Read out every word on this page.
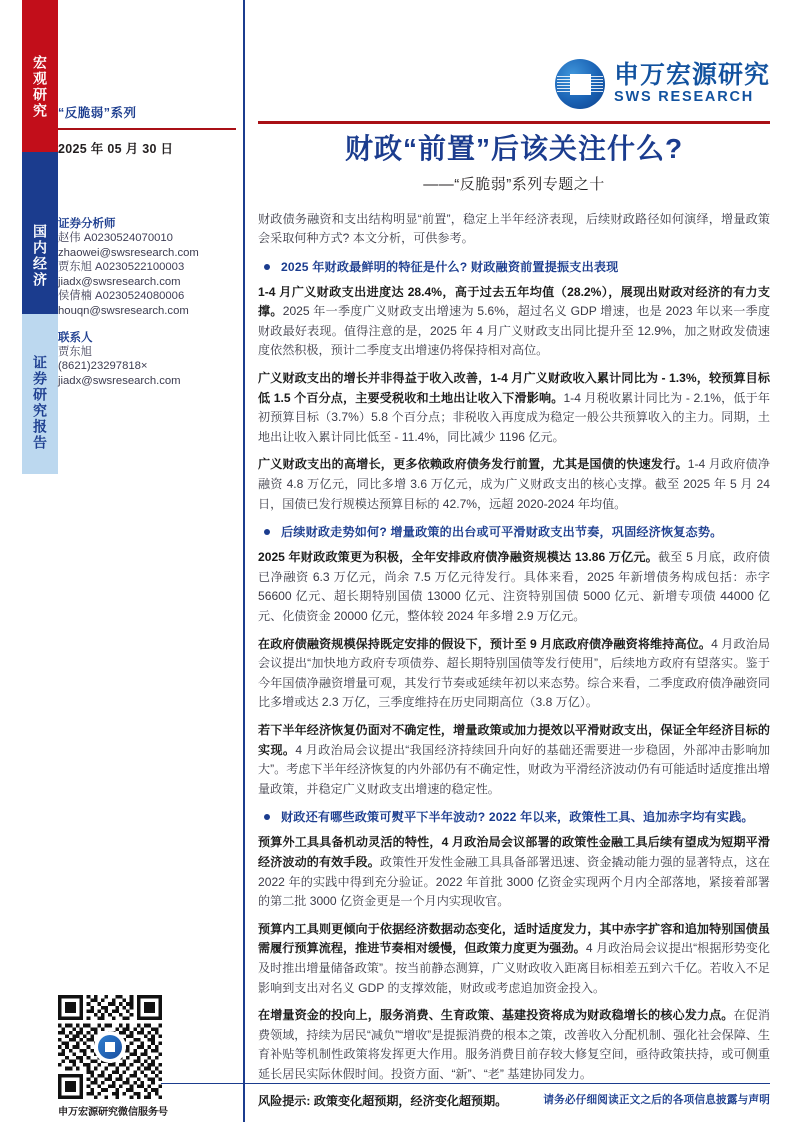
宏观研究
国内经济
证券研究报告
“反脆弱”系列
2025 年 05 月 30 日
证券分析师
赵伟 A0230524070010
zhaowei@swsresearch.com
贾东旭 A0230522100003
jiadx@swsresearch.com
侯倩楠 A0230524080006
houqn@swsresearch.com
联系人
贾东旭
(8621)23297818×
jiadx@swsresearch.com
申万宏源研究微信服务号
申万宏源研究
SWS RESEARCH
财政“前置”后该关注什么?
——“反脆弱”系列专题之十

财政债务融资和支出结构明显“前置”，稳定上半年经济表现，后续财政路径如何演绎，增量政策会采取何种方式? 本文分析，可供参考。

2025 年财政最鲜明的特征是什么? 财政融资前置提振支出表现

1-4 月广义财政支出进度达 28.4%，高于过去五年均值（28.2%），展现出财政对经济的有力支撑。2025 年一季度广义财政支出增速为 5.6%，超过名义 GDP 增速，也是 2023 年以来一季度财政最好表现。值得注意的是，2025 年 4 月广义财政支出同比提升至 12.9%，加之财政发债速度依然积极，预计二季度支出增速仍将保持相对高位。

广义财政支出的增长并非得益于收入改善，1-4 月广义财政收入累计同比为 - 1.3%，较预算目标低 1.5 个百分点，主要受税收和土地出让收入下滑影响。1-4 月税收累计同比为 - 2.1%，低于年初预算目标（3.7%）5.8 个百分点；非税收入再度成为稳定一般公共预算收入的主力。同期，土地出让收入累计同比低至 - 11.4%，同比减少 1196 亿元。

广义财政支出的高增长，更多依赖政府债务发行前置，尤其是国债的快速发行。1-4 月政府债净融资 4.8 万亿元，同比多增 3.6 万亿元，成为广义财政支出的核心支撑。截至 2025 年 5 月 24 日，国债已发行规模达预算目标的 42.7%，远超 2020-2024 年均值。

后续财政走势如何? 增量政策的出台或可平滑财政支出节奏，巩固经济恢复态势。

2025 年财政政策更为积极，全年安排政府债净融资规模达 13.86 万亿元。截至 5 月底，政府债已净融资 6.3 万亿元，尚余 7.5 万亿元待发行。具体来看，2025 年新增债务构成包括：赤字 56600 亿元、超长期特别国债 13000 亿元、注资特别国债 5000 亿元、新增专项债 44000 亿元、化债资金 20000 亿元，整体较 2024 年多增 2.9 万亿元。

在政府债融资规模保持既定安排的假设下，预计至 9 月底政府债净融资将维持高位。4 月政治局会议提出“加快地方政府专项债券、超长期特别国债等发行使用”，后续地方政府有望落实。鉴于今年国债净融资增量可观，其发行节奏或延续年初以来态势。综合来看，二季度政府债净融资同比多增或达 2.3 万亿，三季度维持在历史同期高位（3.8 万亿）。

若下半年经济恢复仍面对不确定性，增量政策或加力提效以平滑财政支出，保证全年经济目标的实现。4 月政治局会议提出“我国经济持续回升向好的基础还需要进一步稳固，外部冲击影响加大”。考虑下半年经济恢复的内外部仍有不确定性，财政为平滑经济波动仍有可能适时适度推出增量政策，并稳定广义财政支出增速的稳定性。

财政还有哪些政策可熨平下半年波动? 2022 年以来，政策性工具、追加赤字均有实践。

预算外工具具备机动灵活的特性，4 月政治局会议部署的政策性金融工具后续有望成为短期平滑经济波动的有效手段。政策性开发性金融工具具备部署迅速、资金撬动能力强的显著特点，这在 2022 年的实践中得到充分验证。2022 年首批 3000 亿资金实现两个月内全部落地，紧接着部署的第二批 3000 亿资金更是一个月内实现收官。

预算内工具则更倾向于依据经济数据动态变化，适时适度发力，其中赤字扩容和追加特别国债虽需履行预算流程，推进节奏相对缓慢，但政策力度更为强劲。4 月政治局会议提出“根据形势变化及时推出增量储备政策”。按当前静态测算，广义财政收入距离目标相差五到六千亿。若收入不足影响到支出对名义 GDP 的支撑效能，财政或考虑追加资金投入。

在增量资金的投向上，服务消费、生育政策、基建投资将成为财政稳增长的核心发力点。在促消费领域，持续为居民“减负”“增收”是提振消费的根本之策，改善收入分配机制、强化社会保障、生育补贴等机制性政策将发挥更大作用。服务消费目前存较大修复空间，亟待政策扶持，或可侧重延长居民实际休假时间。投资方面、“新”、“老” 基建协同发力。

风险提示: 政策变化超预期，经济变化超预期。	请务必仔细阅读正文之后的各项信息披露与声明
